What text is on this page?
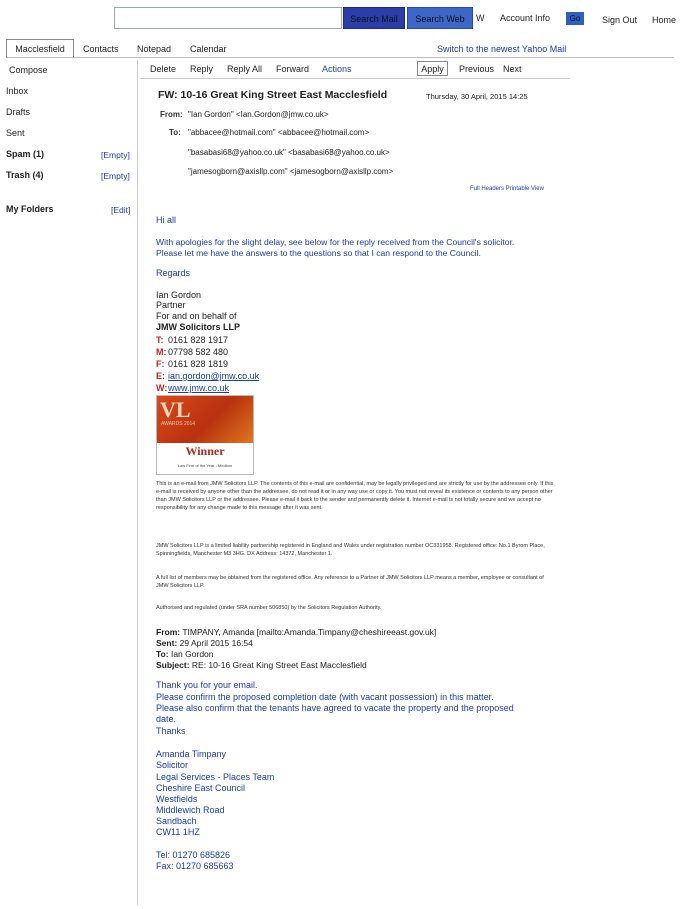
Search Mail	Search Web	W Account Info	Go	Sign Out Home
Macclesfield	Contacts Notepad Calendar	Switch to the newest Yahoo Mail
Compose
Inbox
Drafts
Sent
Spam (1)	[Empty]
Trash (4)	[Empty]
My Folders	[Edit]
Delete Reply Reply All Forward Actions	Apply	Previous Next
FW: 10-16 Great King Street East Macclesfield	Thursday, 30 April, 2015 14:25
From: "Ian Gordon" <Ian.Gordon@jmw.co.uk>
To: "abbacee@hotmail.com" <abbacee@hotmail.com>
"basabasi68@yahoo.co.uk" <basabasi68@yahoo.co.uk>
"jamesogborn@axisllp.com" <jamesogborn@axisllp.com>
Full Headers Printable View
Hi all
With apologies for the slight delay, see below for the reply received from the Council's solicitor.
Please let me have the answers to the questions so that I can respond to the Council.
Regards
Ian Gordon
Partner
For and on behalf of
JMW Solicitors LLP
T: 0161 828 1917
M: 07798 582 480
F: 0161 828 1819
E: ian.gordon@jmw.co.uk
W:www.jmw.co.uk
VL
AWARDS 2014
Winner
Law Firm of the Year - Medium
This is an e-mail from JMW Solicitors LLP. The contents of this e-mail are confidential, may be legally privileged and are strictly for use by the addressee only. If this e-mail is received by anyone other than the addressee, do not read it or in any way use or copy it. You must not reveal its existence or contents to any person other than JMW Solicitors LLP or the addressee. Please e-mail it back to the sender and permanently delete it. Internet e-mail is not totally secure and we accept no responsibility for any change made to this message after it was sent.
JMW Solicitors LLP is a limited liability partnership registered in England and Wales under registration number OC331958. Registered office: No.1 Byrom Place, Spinningfields, Manchester M3 3HG. DX Address: 14372, Manchester 1.
A full list of members may be obtained from the registered office. Any reference to a Partner of JMW Solicitors LLP means a member, employee or consultant of JMW Solicitors LLP.
Authorised and regulated (under SRA number 506850) by the Solicitors Regulation Authority.
From: TIMPANY, Amanda [mailto:Amanda.Timpany@cheshireeast.gov.uk]
Sent: 29 April 2015 16:54
To: Ian Gordon
Subject: RE: 10-16 Great King Street East Macclesfield
Thank you for your email.
Please confirm the proposed completion date (with vacant possession) in this matter.
Please also confirm that the tenants have agreed to vacate the property and the proposed
date.
Thanks
Amanda Timpany
Solicitor
Legal Services - Places Team
Cheshire East Council
Westfields
Middlewich Road
Sandbach
CW11 1HZ
Tel: 01270 685826
Fax: 01270 685663
